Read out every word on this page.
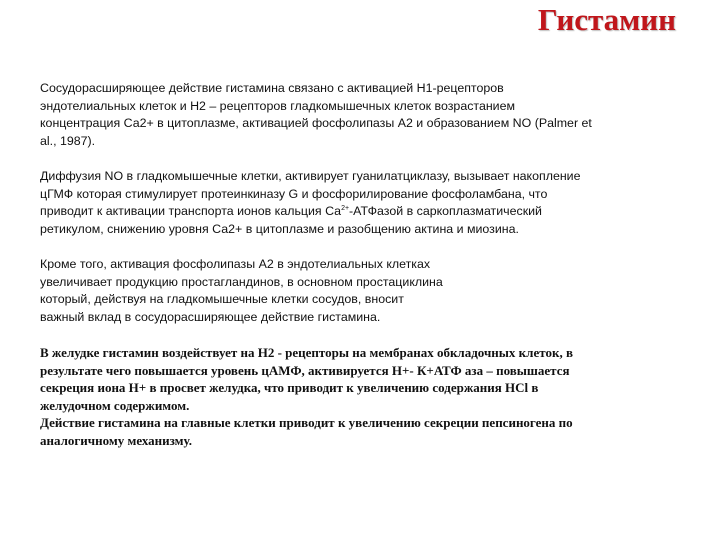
Гистамин
Сосудорасширяющее действие гистамина связано с активацией H1-рецепторов
эндотелиальных клеток и H2 – рецепторов гладкомышечных клеток возрастанием
концентрация Са2+ в цитоплазме, активацией фосфолипазы А2 и образованием NO (Palmer et
al., 1987).
Диффузия NO в гладкомышечные клетки, активирует гуанилатциклазу, вызывает накопление
цГМФ которая стимулирует протеинкиназу G и фосфорилирование фосфоламбана, что
приводит к активации транспорта ионов кальция $Са^{2+}$-АТФазой в саркоплазматический
ретикулом, снижению уровня Са2+ в цитоплазме и разобщению актина и миозина.
Кроме того, активация фосфолипазы А2 в эндотелиальных клетках
увеличивает продукцию простагландинов, в основном простациклина
который, действуя на гладкомышечные клетки сосудов, вносит
важный вклад в сосудорасширяющее действие гистамина.
В желудке гистамин воздействует на Н2 - рецепторы на мембранах обкладочных клеток, в
результате чего повышается уровень цАМФ, активируется Н+- К+АТФ аза – повышается
секреция иона Н+ в просвет желудка, что приводит к увеличению содержания HCl в
желудочном содержимом.
Действие гистамина на главные клетки приводит к увеличению секреции пепсиногена по
аналогичному механизму.
